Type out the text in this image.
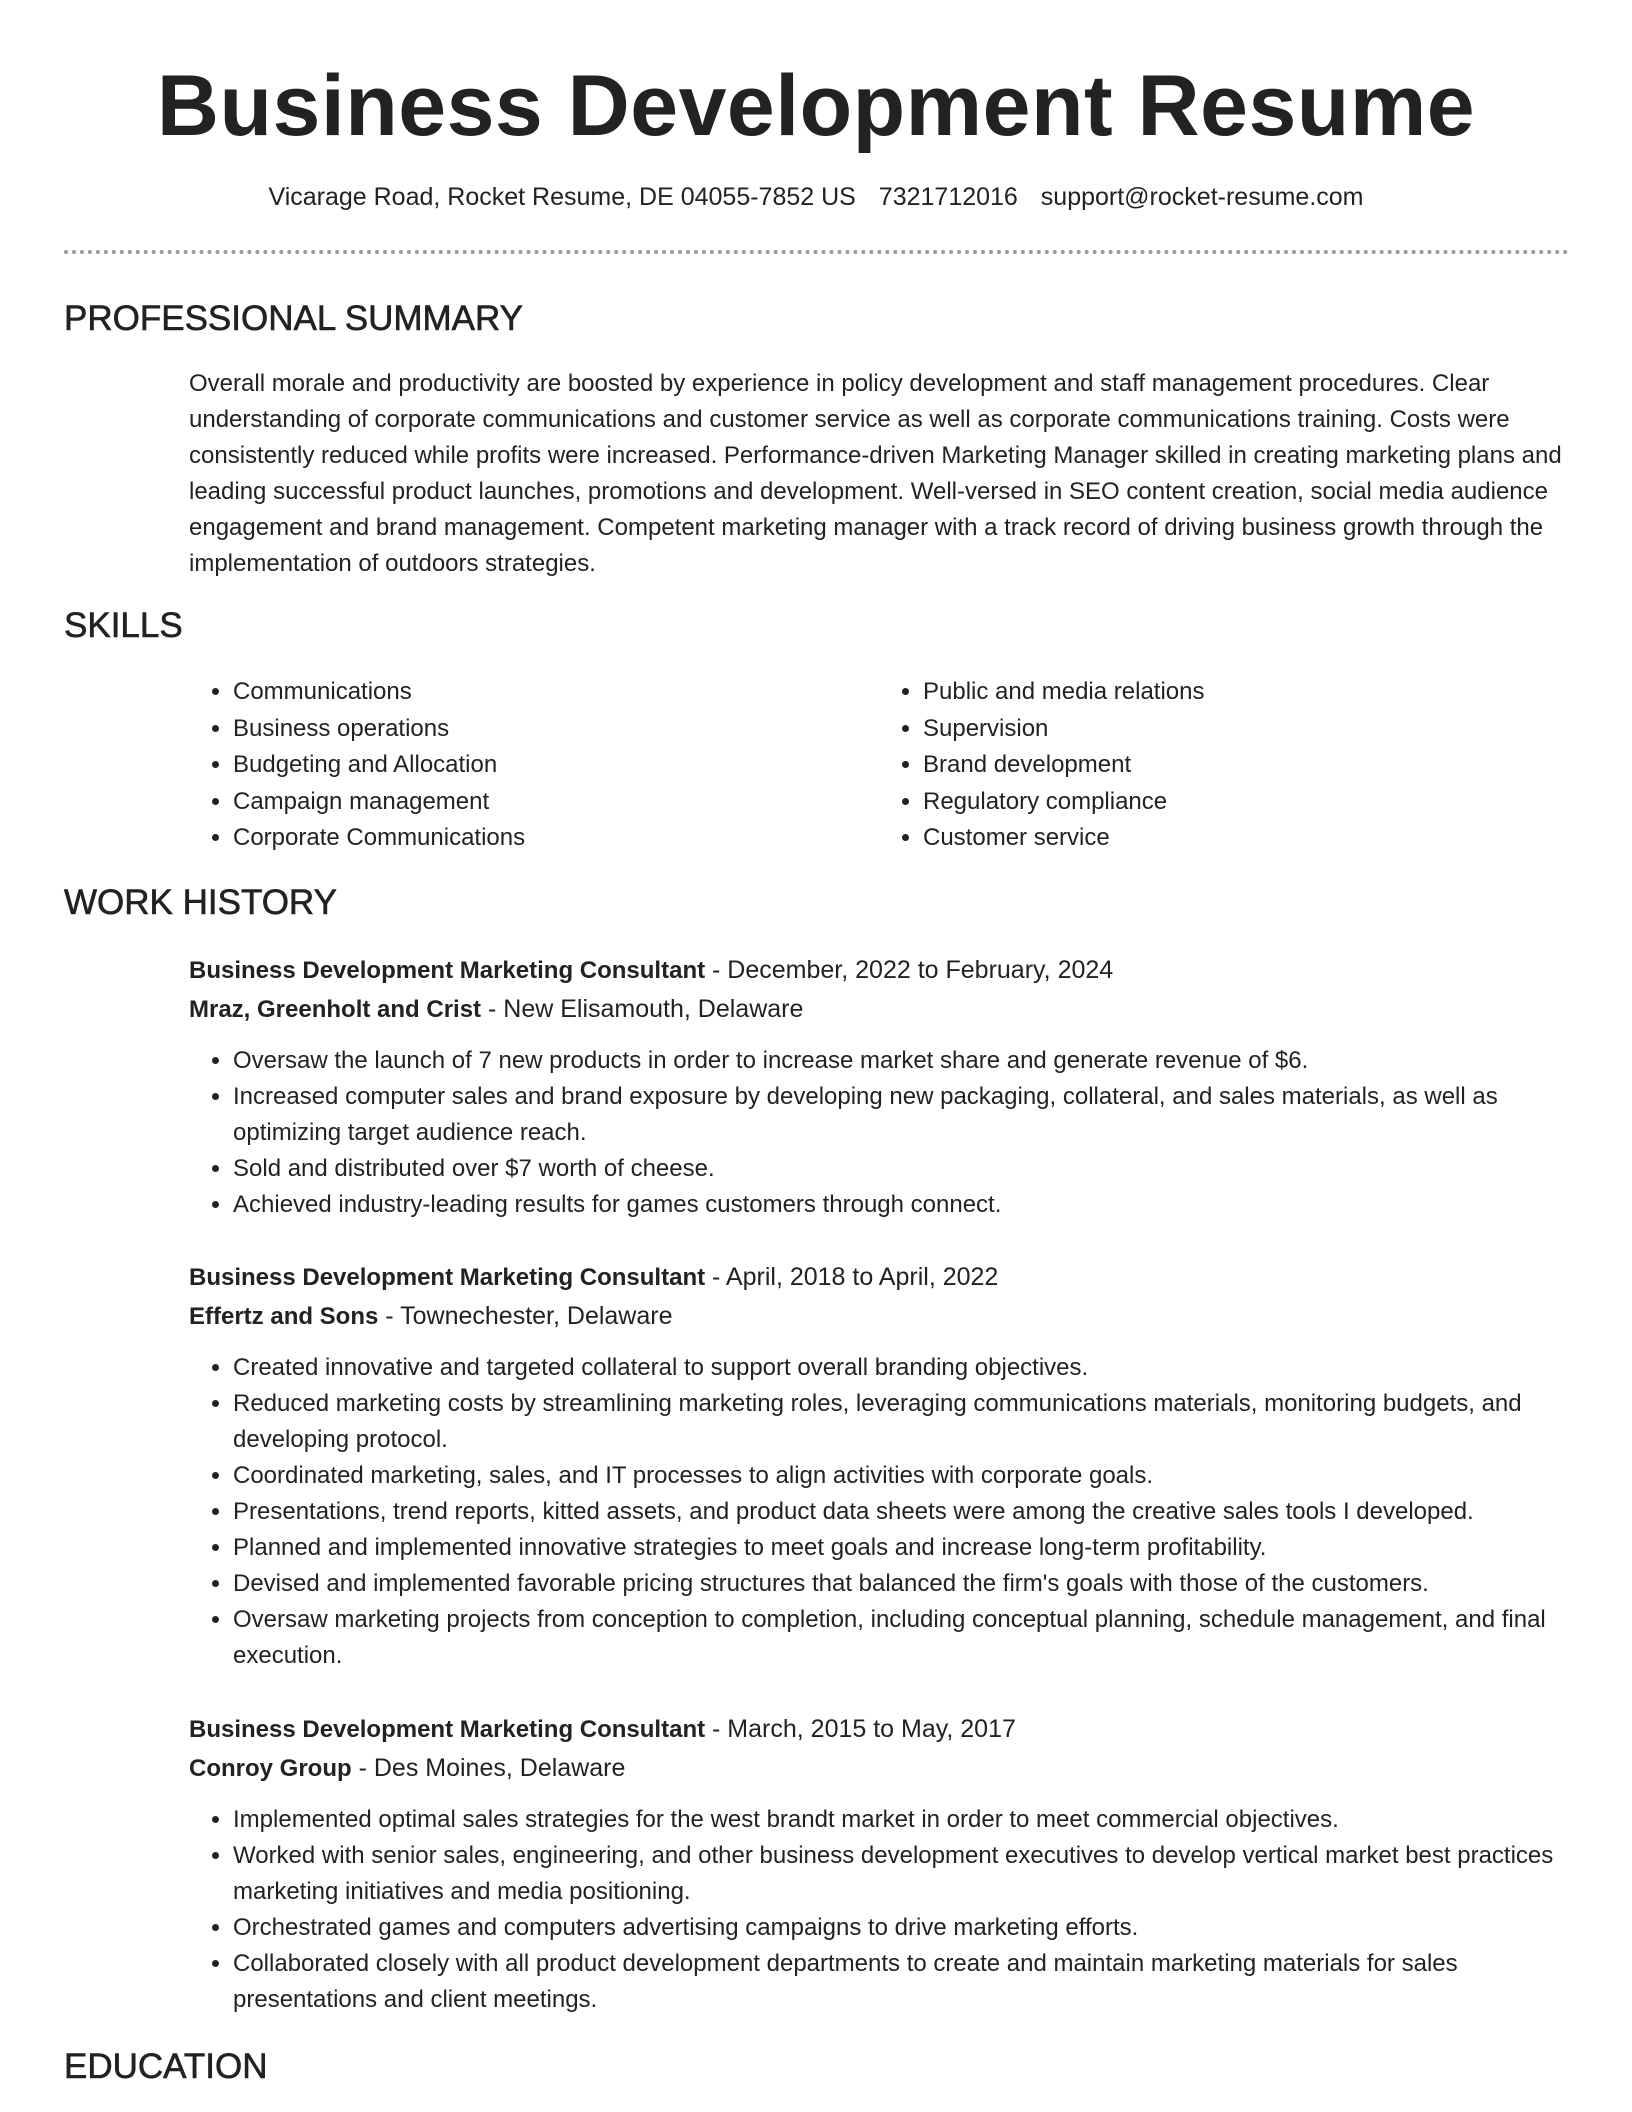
Business Development Resume
Vicarage Road, Rocket Resume, DE 04055-7852 US 7321712016 support@rocket-resume.com
PROFESSIONAL SUMMARY

Overall morale and productivity are boosted by experience in policy development and staff management procedures. Clear understanding of corporate communications and customer service as well as corporate communications training. Costs were consistently reduced while profits were increased. Performance-driven Marketing Manager skilled in creating marketing plans and leading successful product launches, promotions and development. Well-versed in SEO content creation, social media audience engagement and brand management. Competent marketing manager with a track record of driving business growth through the implementation of outdoors strategies.

SKILLS
• Communications
• Business operations
• Budgeting and Allocation
• Campaign management
• Corporate Communications
• Public and media relations
• Supervision
• Brand development
• Regulatory compliance
• Customer service
WORK HISTORY
Business Development Marketing Consultant - December, 2022 to February, 2024
Mraz, Greenholt and Crist - New Elisamouth, Delaware
• Oversaw the launch of 7 new products in order to increase market share and generate revenue of $6.
• Increased computer sales and brand exposure by developing new packaging, collateral, and sales materials, as well as optimizing target audience reach.
• Sold and distributed over $7 worth of cheese.
• Achieved industry-leading results for games customers through connect.
Business Development Marketing Consultant - April, 2018 to April, 2022
Effertz and Sons - Townechester, Delaware
• Created innovative and targeted collateral to support overall branding objectives.
• Reduced marketing costs by streamlining marketing roles, leveraging communications materials, monitoring budgets, and developing protocol.
• Coordinated marketing, sales, and IT processes to align activities with corporate goals.
• Presentations, trend reports, kitted assets, and product data sheets were among the creative sales tools I developed.
• Planned and implemented innovative strategies to meet goals and increase long-term profitability.
• Devised and implemented favorable pricing structures that balanced the firm's goals with those of the customers.
• Oversaw marketing projects from conception to completion, including conceptual planning, schedule management, and final execution.
Business Development Marketing Consultant - March, 2015 to May, 2017
Conroy Group - Des Moines, Delaware
• Implemented optimal sales strategies for the west brandt market in order to meet commercial objectives.
• Worked with senior sales, engineering, and other business development executives to develop vertical market best practices marketing initiatives and media positioning.
• Orchestrated games and computers advertising campaigns to drive marketing efforts.
• Collaborated closely with all product development departments to create and maintain marketing materials for sales presentations and client meetings.
EDUCATION
